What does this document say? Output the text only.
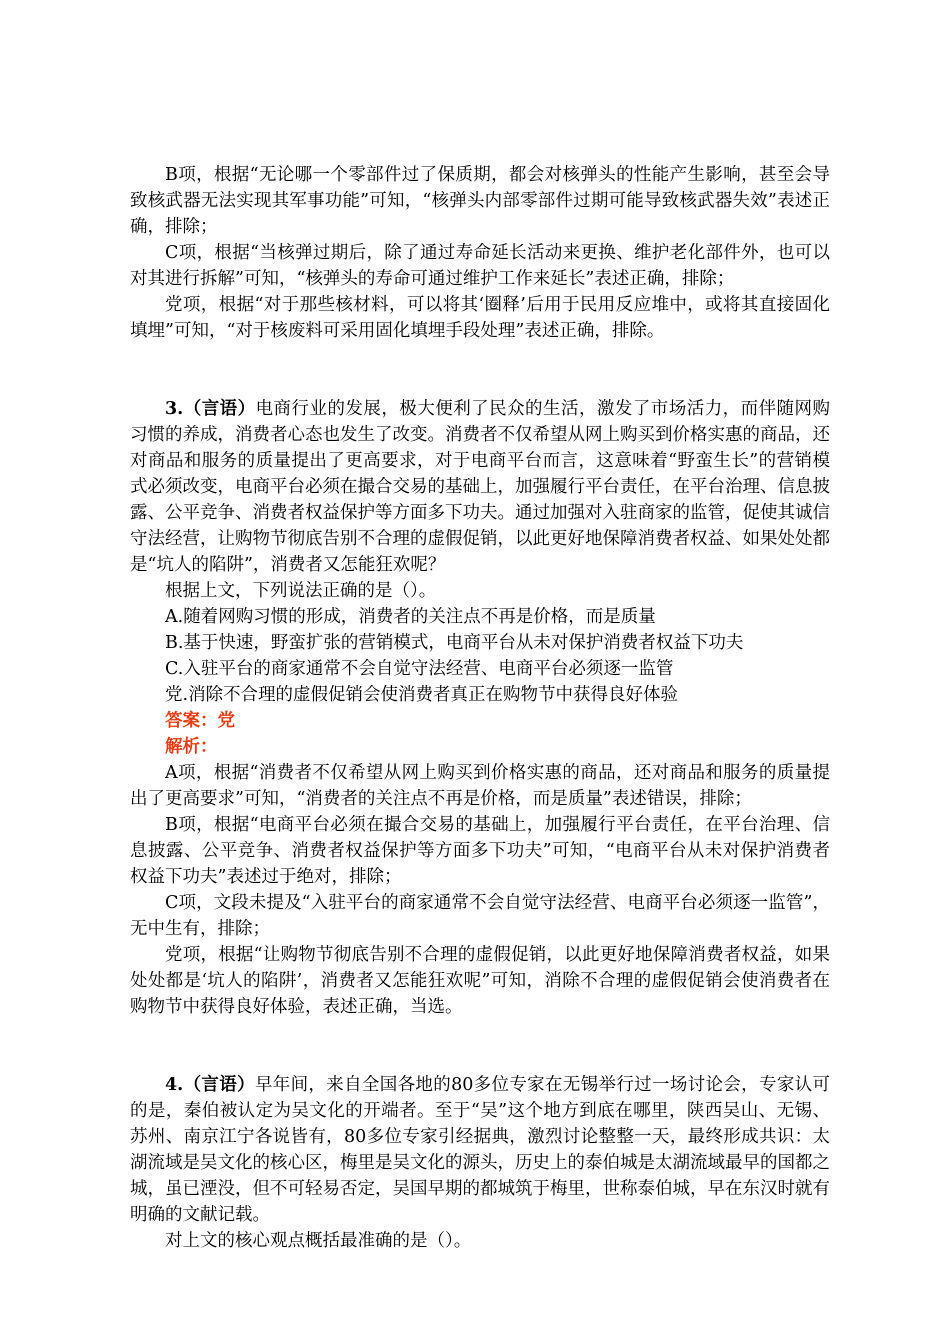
B项，根据“无论哪一个零部件过了保质期，都会对核弹头的性能产生影响，甚至会导致核武器无法实现其军事功能”可知，“核弹头内部零部件过期可能导致核武器失效”表述正确，排除；

C项，根据“当核弹过期后，除了通过寿命延长活动来更换、维护老化部件外，也可以对其进行拆解”可知，“核弹头的寿命可通过维护工作来延长”表述正确，排除；

党项，根据“对于那些核材料，可以将其‘圈释’后用于民用反应堆中，或将其直接固化填埋”可知，“对于核废料可采用固化填埋手段处理”表述正确，排除。

3.（言语）电商行业的发展，极大便利了民众的生活，激发了市场活力，而伴随网购习惯的养成，消费者心态也发生了改变。消费者不仅希望从网上购买到价格实惠的商品，还对商品和服务的质量提出了更高要求，对于电商平台而言，这意味着“野蛮生长”的营销模式必须改变，电商平台必须在撮合交易的基础上，加强履行平台责任，在平台治理、信息披露、公平竞争、消费者权益保护等方面多下功夫。通过加强对入驻商家的监管，促使其诚信守法经营，让购物节彻底告别不合理的虚假促销，以此更好地保障消费者权益、如果处处都是“坑人的陷阱”，消费者又怎能狂欢呢？

根据上文，下列说法正确的是（）。

A.随着网购习惯的形成，消费者的关注点不再是价格，而是质量

B.基于快速，野蛮扩张的营销模式，电商平台从未对保护消费者权益下功夫

C.入驻平台的商家通常不会自觉守法经营、电商平台必须逐一监管

党.消除不合理的虚假促销会使消费者真正在购物节中获得良好体验

答案：党

解析：

A项，根据“消费者不仅希望从网上购买到价格实惠的商品，还对商品和服务的质量提出了更高要求”可知，“消费者的关注点不再是价格，而是质量”表述错误，排除；

B项，根据“电商平台必须在撮合交易的基础上，加强履行平台责任，在平台治理、信息披露、公平竞争、消费者权益保护等方面多下功夫”可知，“电商平台从未对保护消费者权益下功夫”表述过于绝对，排除；

C项，文段未提及“入驻平台的商家通常不会自觉守法经营、电商平台必须逐一监管”，无中生有，排除；

党项，根据“让购物节彻底告别不合理的虚假促销，以此更好地保障消费者权益，如果处处都是‘坑人的陷阱’，消费者又怎能狂欢呢”可知，消除不合理的虚假促销会使消费者在购物节中获得良好体验，表述正确，当选。

4.（言语）早年间，来自全国各地的80多位专家在无锡举行过一场讨论会，专家认可的是，秦伯被认定为吴文化的开端者。至于“吴”这个地方到底在哪里，陕西吴山、无锡、苏州、南京江宁各说皆有，80多位专家引经据典，激烈讨论整整一天，最终形成共识：太湖流域是吴文化的核心区，梅里是吴文化的源头，历史上的泰伯城是太湖流域最早的国都之城，虽已湮没，但不可轻易否定，吴国早期的都城筑于梅里，世称泰伯城，早在东汉时就有明确的文献记载。

对上文的核心观点概括最准确的是（）。
